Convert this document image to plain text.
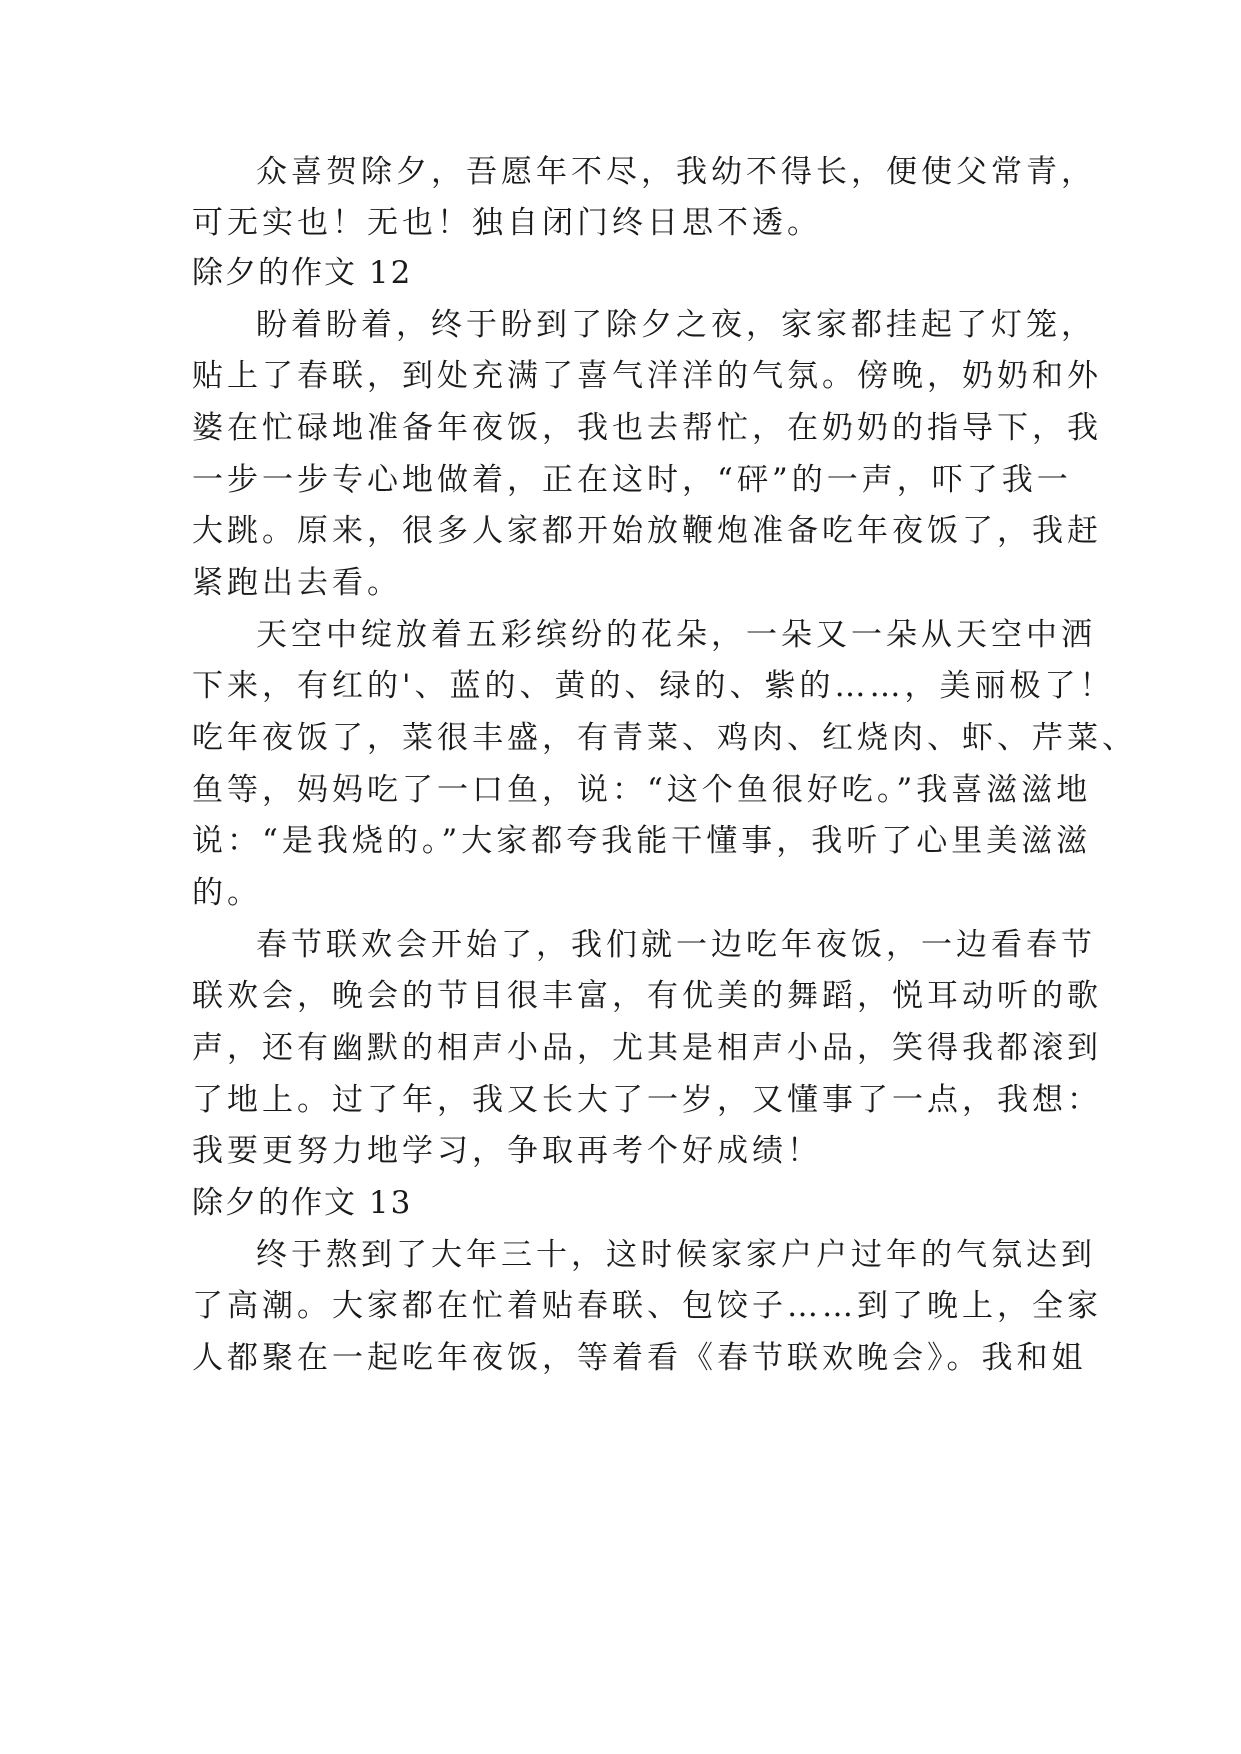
众喜贺除夕，吾愿年不尽，我幼不得长，便使父常青，
可无实也！无也！独自闭门终日思不透。
除夕的作文 12
盼着盼着，终于盼到了除夕之夜，家家都挂起了灯笼，
贴上了春联，到处充满了喜气洋洋的气氛。傍晚，奶奶和外
婆在忙碌地准备年夜饭，我也去帮忙，在奶奶的指导下，我
一步一步专心地做着，正在这时，“砰”的一声，吓了我一
大跳。原来，很多人家都开始放鞭炮准备吃年夜饭了，我赶
紧跑出去看。
天空中绽放着五彩缤纷的花朵，一朵又一朵从天空中洒
下来，有红的'、蓝的、黄的、绿的、紫的……，美丽极了！
吃年夜饭了，菜很丰盛，有青菜、鸡肉、红烧肉、虾、芹菜、
鱼等，妈妈吃了一口鱼，说：“这个鱼很好吃。”我喜滋滋地
说：“是我烧的。”大家都夸我能干懂事，我听了心里美滋滋
的。
春节联欢会开始了，我们就一边吃年夜饭，一边看春节
联欢会，晚会的节目很丰富，有优美的舞蹈，悦耳动听的歌
声，还有幽默的相声小品，尤其是相声小品，笑得我都滚到
了地上。过了年，我又长大了一岁，又懂事了一点，我想：
我要更努力地学习，争取再考个好成绩！
除夕的作文 13
终于熬到了大年三十，这时候家家户户过年的气氛达到
了高潮。大家都在忙着贴春联、包饺子……到了晚上，全家
人都聚在一起吃年夜饭，等着看《春节联欢晚会》。我和姐
